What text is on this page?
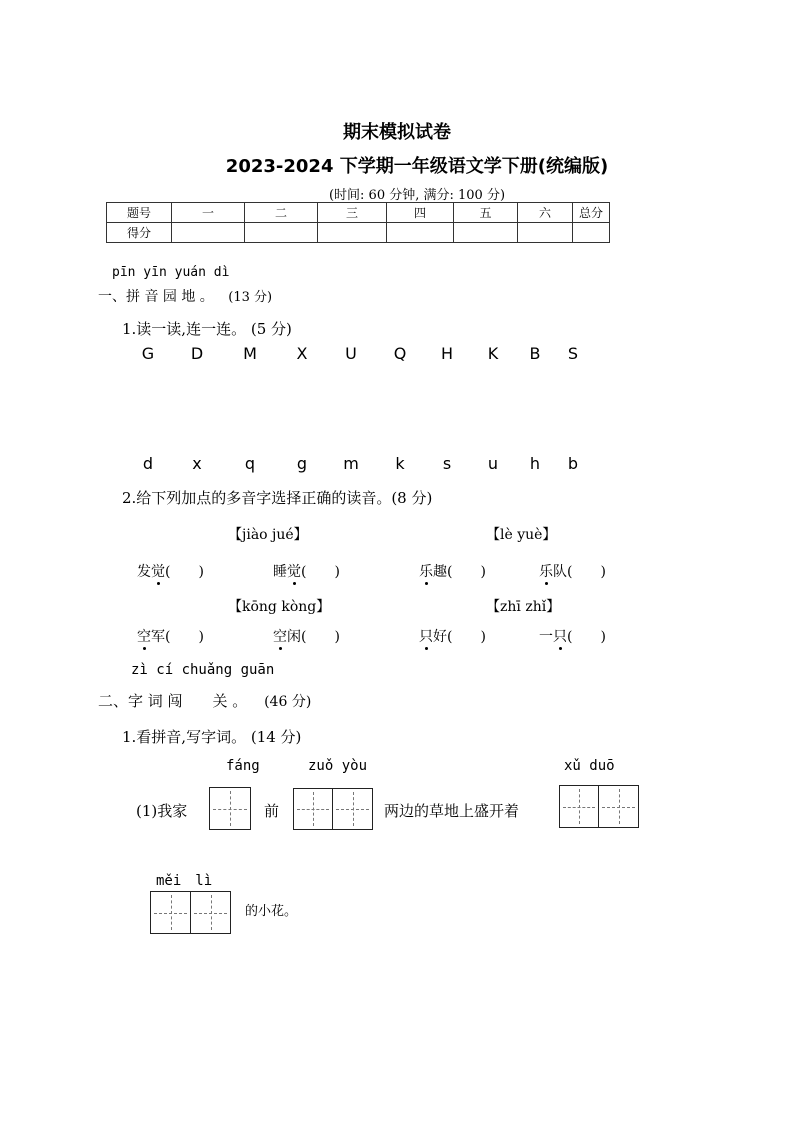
期末模拟试卷
2023-2024 下学期一年级语文学下册(统编版)
(时间: 60 分钟, 满分: 100 分)
题号	一	二	三	四	五	六	总分
得分							
pīn yīn yuán dì
一、拼 音 园 地 。 (13 分)
1.读一读,连一连。 (5 分)
G D M X U Q H K B	S
d	x	q	g	m	k	s	u	h	b
2.给下列加点的多音字选择正确的读音。(8 分)
【jiào jué】	【lè yuè】
发觉(　　)	睡觉(　　)	乐趣(　　)	乐队(　　)
【kōng kòng】	【zhī zhǐ】
空军(　　)	空闲(　　)	只好(　　)	一只(　　)
zì cí chuǎng guān
二、字 词 闯　　关 。 (46 分)
1.看拼音,写字词。 (14 分)
fáng	zuǒ yòu	xǔ duō
(1)我家	前	两边的草地上盛开着
měi　lì
的小花。
